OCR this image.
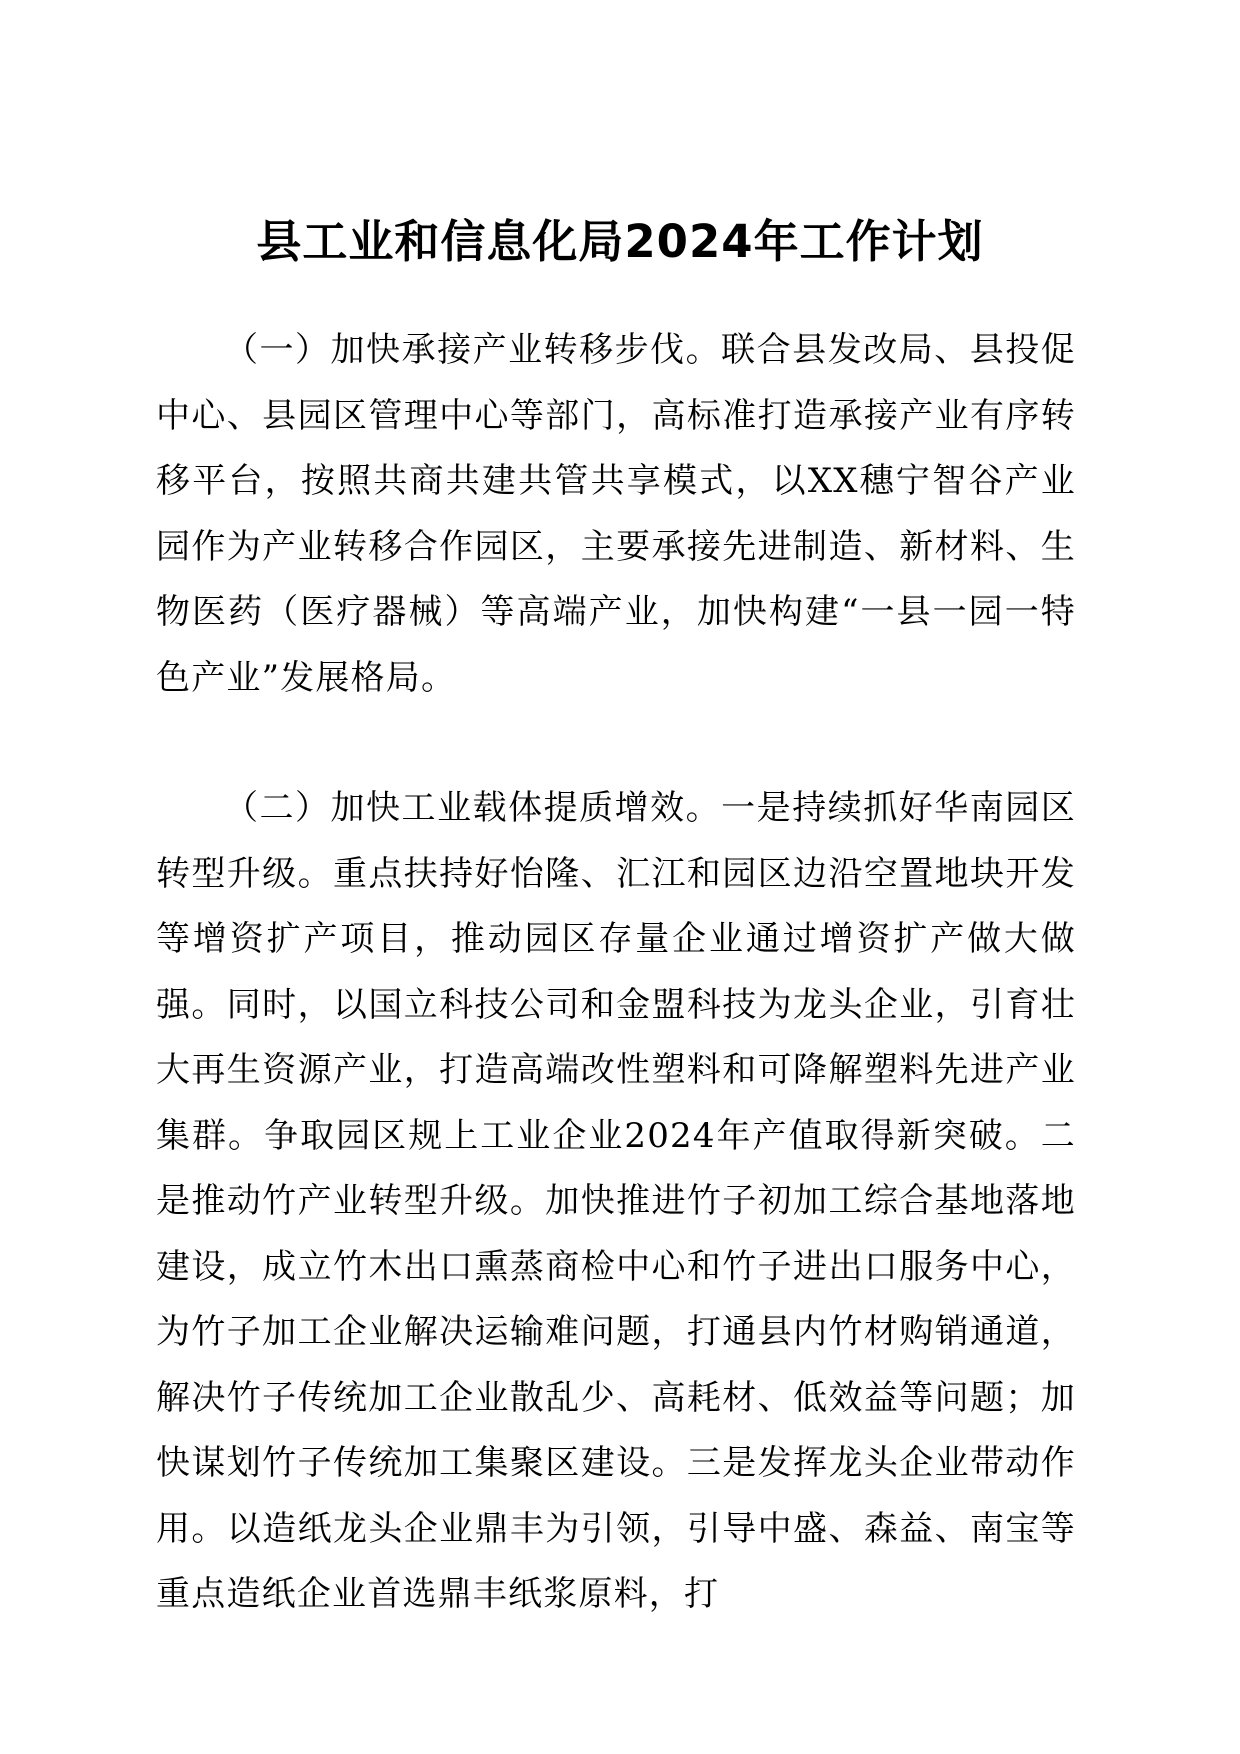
县工业和信息化局2024年工作计划

（一）加快承接产业转移步伐。联合县发改局、县投促中心、县园区管理中心等部门，高标准打造承接产业有序转移平台，按照共商共建共管共享模式，以XX穗宁智谷产业园作为产业转移合作园区，主要承接先进制造、新材料、生物医药（医疗器械）等高端产业，加快构建“一县一园一特色产业”发展格局。

（二）加快工业载体提质增效。一是持续抓好华南园区转型升级。重点扶持好怡隆、汇江和园区边沿空置地块开发等增资扩产项目，推动园区存量企业通过增资扩产做大做强。同时，以国立科技公司和金盟科技为龙头企业，引育壮大再生资源产业，打造高端改性塑料和可降解塑料先进产业集群。争取园区规上工业企业2024年产值取得新突破。二是推动竹产业转型升级。加快推进竹子初加工综合基地落地建设，成立竹木出口熏蒸商检中心和竹子进出口服务中心，为竹子加工企业解决运输难问题，打通县内竹材购销通道，解决竹子传统加工企业散乱少、高耗材、低效益等问题；加快谋划竹子传统加工集聚区建设。三是发挥龙头企业带动作用。以造纸龙头企业鼎丰为引领，引导中盛、森益、南宝等重点造纸企业首选鼎丰纸浆原料，打
